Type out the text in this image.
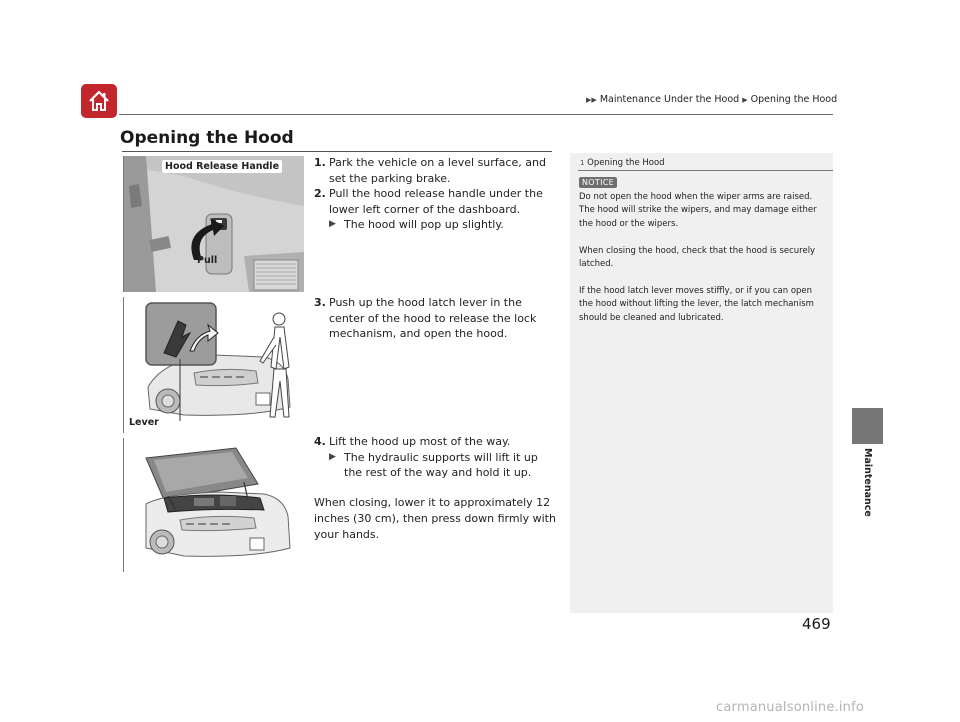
▶▶ Maintenance Under the Hood ▶ Opening the Hood
Opening the Hood
Hood Release Handle
Pull
Lever
1. Park the vehicle on a level surface, and set the parking brake.
2. Pull the hood release handle under the lower left corner of the dashboard.
▶ The hood will pop up slightly.
3. Push up the hood latch lever in the center of the hood to release the lock mechanism, and open the hood.
4. Lift the hood up most of the way.
▶ The hydraulic supports will lift it up the rest of the way and hold it up.
When closing, lower it to approximately 12 inches (30 cm), then press down firmly with your hands.
1 Opening the Hood
NOTICE

Do not open the hood when the wiper arms are raised.
The hood will strike the wipers, and may damage either the hood or the wipers.

When closing the hood, check that the hood is securely latched.

If the hood latch lever moves stiffly, or if you can open the hood without lifting the lever, the latch mechanism should be cleaned and lubricated.

Maintenance
469
carmanualsonline.info
